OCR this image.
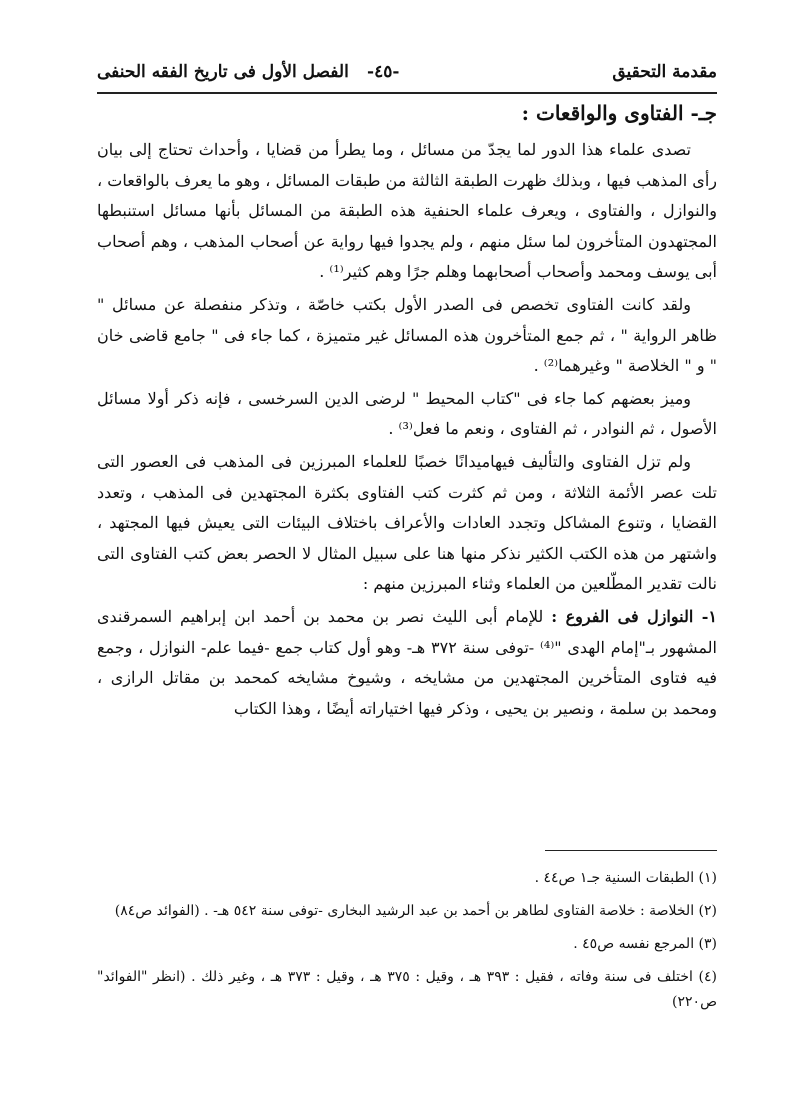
مقدمة التحقيق
-٤٥-
الفصل الأول فى تاريخ الفقه الحنفى
جـ- الفتاوى والواقعات :

تصدى علماء هذا الدور لما يجدّ من مسائل ، وما يطرأ من قضايا ، وأحداث تحتاج إلى بيان رأى المذهب فيها ، وبذلك ظهرت الطبقة الثالثة من طبقات المسائل ، وهو ما يعرف بالواقعات ، والنوازل ، والفتاوى ، ويعرف علماء الحنفية هذه الطبقة من المسائل بأنها مسائل استنبطها المجتهدون المتأخرون لما سئل منهم ، ولم يجدوا فيها رواية عن أصحاب المذهب ، وهم أصحاب أبى يوسف ومحمد وأصحاب أصحابهما وهلم جرًا وهم كثير⁽¹⁾ .

ولقد كانت الفتاوى تخصص فى الصدر الأول بكتب خاصّة ، وتذكر منفصلة عن مسائل " ظاهر الرواية " ، ثم جمع المتأخرون هذه المسائل غير متميزة ، كما جاء فى " جامع قاضى خان " و " الخلاصة " وغيرهما⁽²⁾ .

وميز بعضهم كما جاء فى "كتاب المحيط " لرضى الدين السرخسى ، فإنه ذكر أولا مسائل الأصول ، ثم النوادر ، ثم الفتاوى ، ونعم ما فعل⁽³⁾ .

ولم تزل الفتاوى والتأليف فيهاميدانًا خصبًا للعلماء المبرزين فى المذهب فى العصور التى تلت عصر الأئمة الثلاثة ، ومن ثم كثرت كتب الفتاوى بكثرة المجتهدين فى المذهب ، وتعدد القضايا ، وتنوع المشاكل وتجدد العادات والأعراف باختلاف البيئات التى يعيش فيها المجتهد ، واشتهر من هذه الكتب الكثير نذكر منها هنا على سبيل المثال لا الحصر بعض كتب الفتاوى التى نالت تقدير المطّلعين من العلماء وثناء المبرزين منهم :

١- النوازل فى الفروع : للإمام أبى الليث نصر بن محمد بن أحمد ابن إبراهيم السمرقندى المشهور بـ"إمام الهدى "⁽⁴⁾ -توفى سنة ٣٧٢ هـ- وهو أول كتاب جمع -فيما علم- النوازل ، وجمع فيه فتاوى المتأخرين المجتهدين من مشايخه ، وشيوخ مشايخه كمحمد بن مقاتل الرازى ، ومحمد بن سلمة ، ونصير بن يحيى ، وذكر فيها اختياراته أيضًا ، وهذا الكتاب

(١) الطبقات السنية جـ١ ص٤٤ .

(٢) الخلاصة : خلاصة الفتاوى لطاهر بن أحمد بن عبد الرشيد البخارى -توفى سنة ٥٤٢ هـ- . (الفوائد ص٨٤)

(٣) المرجع نفسه ص٤٥ .

(٤) اختلف فى سنة وفاته ، فقيل : ٣٩٣ هـ ، وقيل : ٣٧٥ هـ ، وقيل : ٣٧٣ هـ ، وغير ذلك . (انظر "الفوائد" ص٢٢٠)
